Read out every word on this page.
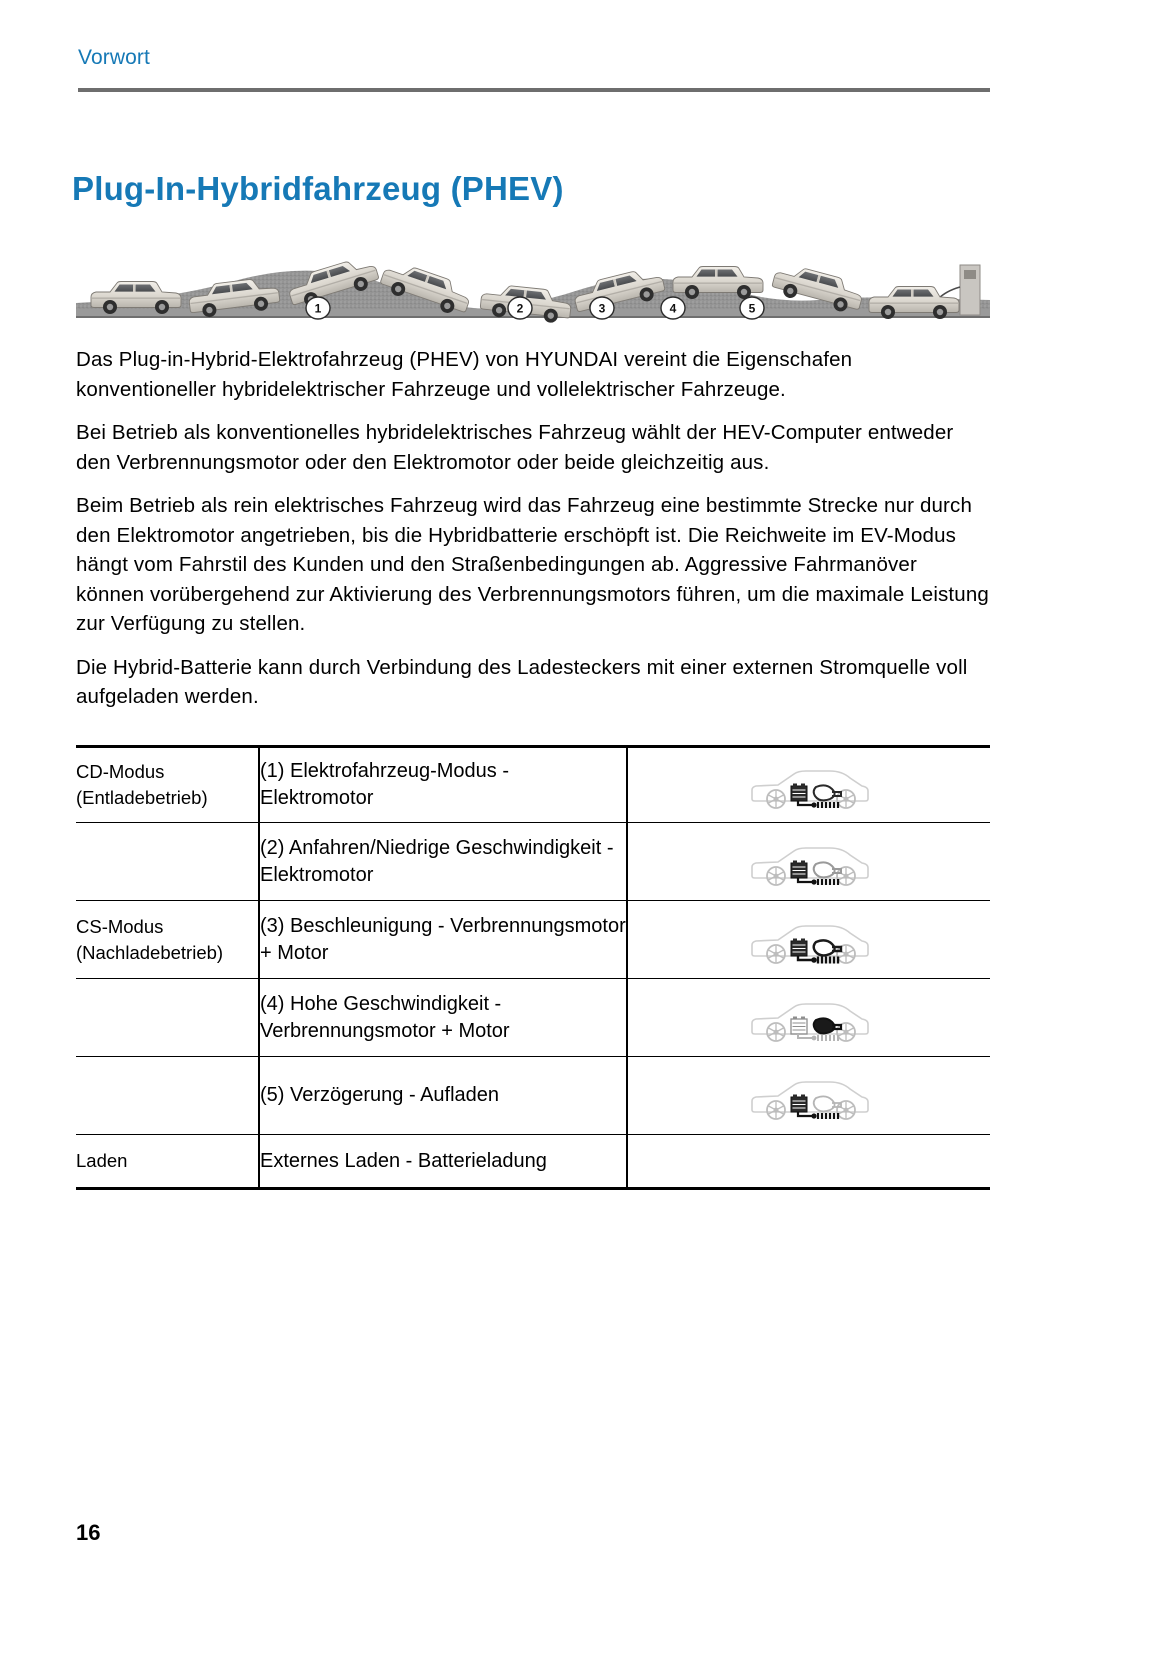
Vorwort
Plug-In-Hybridfahrzeug (PHEV)
1	2	3	4	5

Das Plug-in-Hybrid-Elektrofahrzeug (PHEV) von HYUNDAI vereint die Eigenschafen konventioneller hybridelektrischer Fahrzeuge und vollelektrischer Fahrzeuge.

Bei Betrieb als konventionelles hybridelektrisches Fahrzeug wählt der HEV-Computer entweder den Verbrennungsmotor oder den Elektromotor oder beide gleichzeitig aus.

Beim Betrieb als rein elektrisches Fahrzeug wird das Fahrzeug eine bestimmte Strecke nur durch den Elektromotor angetrieben, bis die Hybridbatterie erschöpft ist. Die Reichweite im EV-Modus hängt vom Fahrstil des Kunden und den Straßenbedingungen ab. Aggressive Fahrmanöver können vorübergehend zur Aktivierung des Verbrennungsmotors führen, um die maximale Leistung zur Verfügung zu stellen.

Die Hybrid-Batterie kann durch Verbindung des Ladesteckers mit einer externen Stromquelle voll aufgeladen werden.

CD-Modus
(Entladebetrieb)	(1) Elektrofahrzeug-Modus - Elektromotor	

	(2) Anfahren/Niedrige Geschwindigkeit - Elektromotor	

CS-Modus
(Nachladebetrieb)	(3) Beschleunigung - Verbrennungsmotor + Motor	

	(4) Hohe Geschwindigkeit - Verbrennungsmotor + Motor	

	(5) Verzögerung - Aufladen	

Laden	Externes Laden - Batterieladung	
16
